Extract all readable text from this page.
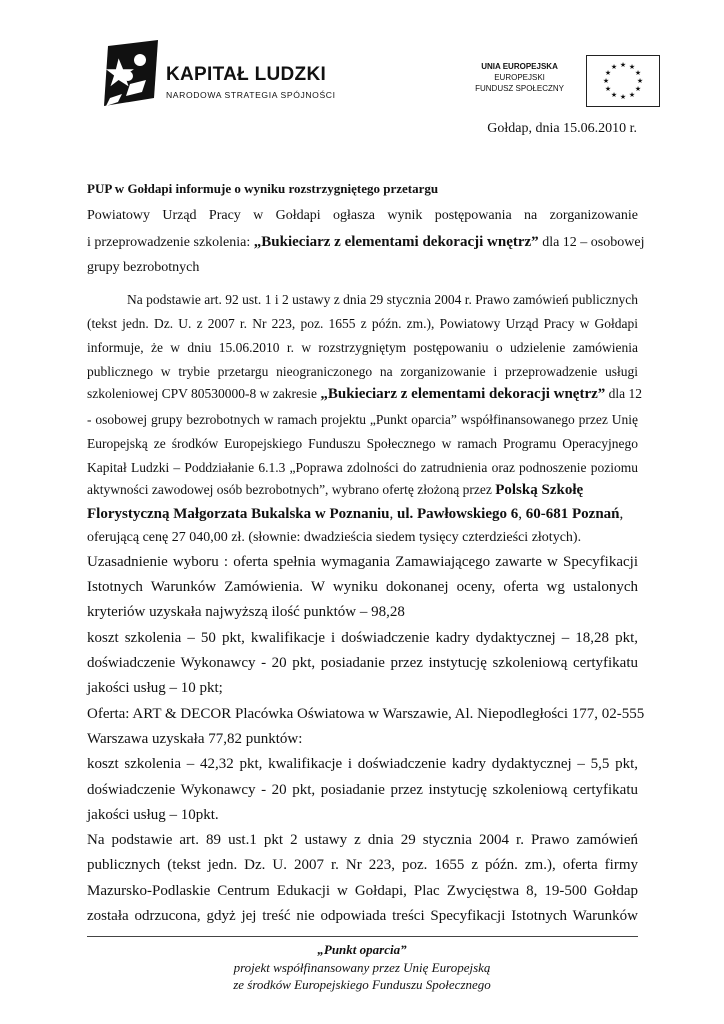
KAPITAŁ LUDZKI
NARODOWA STRATEGIA SPÓJNOŚCI
UNIA EUROPEJSKA
EUROPEJSKI
FUNDUSZ SPOŁECZNY
★ ★
★
★
★
★
★
★
★
★
★
★
Gołdap, dnia 15.06.2010 r.
PUP w Gołdapi informuje o wyniku rozstrzygniętego przetargu
Powiatowy Urząd Pracy w Gołdapi ogłasza wynik postępowania na zorganizowanie
i przeprowadzenie szkolenia: „Bukieciarz z elementami dekoracji wnętrz” dla 12 – osobowej
grupy bezrobotnych
Na podstawie art. 92 ust. 1 i 2 ustawy z dnia 29 stycznia 2004 r. Prawo zamówień publicznych
(tekst jedn. Dz. U. z 2007 r. Nr 223, poz. 1655 z późn. zm.), Powiatowy Urząd Pracy w Gołdapi
informuje, że w dniu 15.06.2010 r. w rozstrzygniętym postępowaniu o udzielenie zamówienia
publicznego w trybie przetargu nieograniczonego na zorganizowanie i przeprowadzenie usługi
szkoleniowej CPV 80530000-8 w zakresie „Bukieciarz z elementami dekoracji wnętrz” dla 12
- osobowej grupy bezrobotnych w ramach projektu „Punkt oparcia” współfinansowanego przez Unię
Europejską ze środków Europejskiego Funduszu Społecznego w ramach Programu Operacyjnego
Kapitał Ludzki – Poddziałanie 6.1.3 „Poprawa zdolności do zatrudnienia oraz podnoszenie poziomu
aktywności zawodowej osób bezrobotnych”, wybrano ofertę złożoną przez Polską Szkołę
Florystyczną Małgorzata Bukalska w Poznaniu, ul. Pawłowskiego 6, 60-681 Poznań,
oferującą cenę 27 040,00 zł. (słownie: dwadzieścia siedem tysięcy czterdzieści złotych).
Uzasadnienie wyboru : oferta spełnia wymagania Zamawiającego zawarte w Specyfikacji
Istotnych Warunków Zamówienia. W wyniku dokonanej oceny, oferta wg ustalonych
kryteriów uzyskała najwyższą ilość punktów – 98,28
koszt szkolenia – 50 pkt, kwalifikacje i doświadczenie kadry dydaktycznej – 18,28 pkt,
doświadczenie Wykonawcy - 20 pkt, posiadanie przez instytucję szkoleniową certyfikatu
jakości usług – 10 pkt;
Oferta: ART & DECOR Placówka Oświatowa w Warszawie, Al. Niepodległości 177, 02-555
Warszawa uzyskała 77,82 punktów:
koszt szkolenia – 42,32 pkt, kwalifikacje i doświadczenie kadry dydaktycznej – 5,5 pkt,
doświadczenie Wykonawcy - 20 pkt, posiadanie przez instytucję szkoleniową certyfikatu
jakości usług – 10pkt.
Na podstawie art. 89 ust.1 pkt 2 ustawy z dnia 29 stycznia 2004 r. Prawo zamówień
publicznych (tekst jedn. Dz. U. 2007 r. Nr 223, poz. 1655 z późn. zm.), oferta firmy
Mazursko-Podlaskie Centrum Edukacji w Gołdapi, Plac Zwycięstwa 8, 19-500 Gołdap
została odrzucona, gdyż jej treść nie odpowiada treści Specyfikacji Istotnych Warunków
„Punkt oparcia”
projekt współfinansowany przez Unię Europejską
ze środków Europejskiego Funduszu Społecznego
